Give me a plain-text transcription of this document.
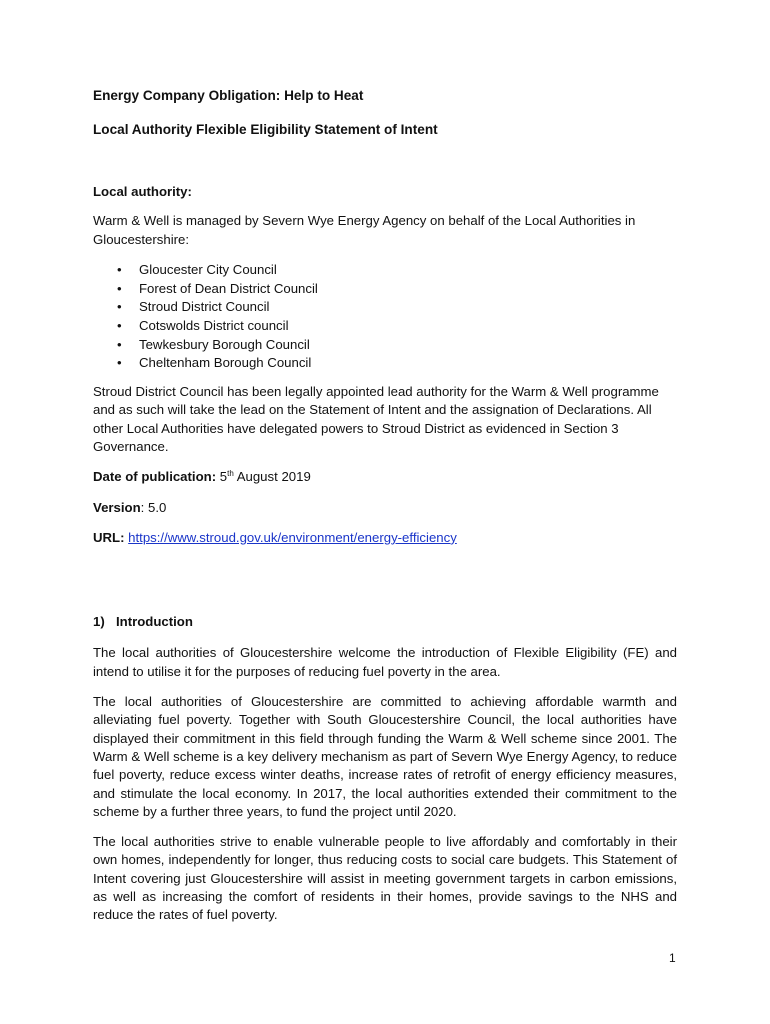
Energy Company Obligation: Help to Heat
Local Authority Flexible Eligibility Statement of Intent
Local authority:

Warm & Well is managed by Severn Wye Energy Agency on behalf of the Local Authorities in Gloucestershire:

• Gloucester City Council
• Forest of Dean District Council
• Stroud District Council
• Cotswolds District council
• Tewkesbury Borough Council
• Cheltenham Borough Council

Stroud District Council has been legally appointed lead authority for the Warm & Well programme and as such will take the lead on the Statement of Intent and the assignation of Declarations. All other Local Authorities have delegated powers to Stroud District as evidenced in Section 3 Governance.

Date of publication: 5th August 2019

Version: 5.0

URL: https://www.stroud.gov.uk/environment/energy-efficiency

1) Introduction

The local authorities of Gloucestershire welcome the introduction of Flexible Eligibility (FE) and intend to utilise it for the purposes of reducing fuel poverty in the area.

The local authorities of Gloucestershire are committed to achieving affordable warmth and alleviating fuel poverty. Together with South Gloucestershire Council, the local authorities have displayed their commitment in this field through funding the Warm & Well scheme since 2001. The Warm & Well scheme is a key delivery mechanism as part of Severn Wye Energy Agency, to reduce fuel poverty, reduce excess winter deaths, increase rates of retrofit of energy efficiency measures, and stimulate the local economy. In 2017, the local authorities extended their commitment to the scheme by a further three years, to fund the project until 2020.

The local authorities strive to enable vulnerable people to live affordably and comfortably in their own homes, independently for longer, thus reducing costs to social care budgets. This Statement of Intent covering just Gloucestershire will assist in meeting government targets in carbon emissions, as well as increasing the comfort of residents in their homes, provide savings to the NHS and reduce the rates of fuel poverty.

1
